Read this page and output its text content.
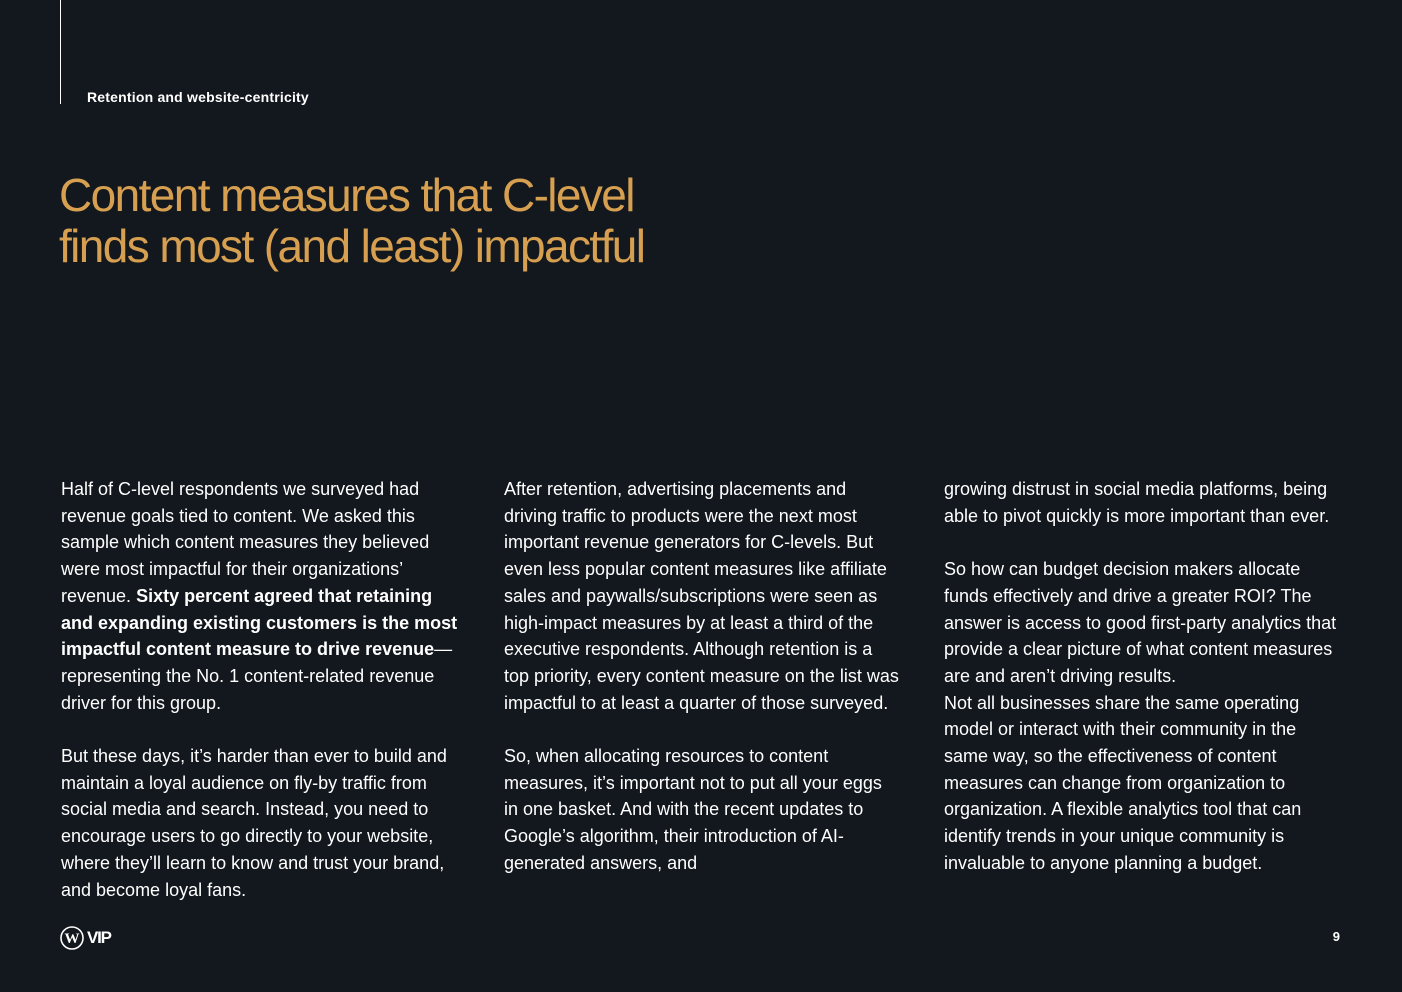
Retention and website-centricity
Content measures that C-level
finds most (and least) impactful

Half of C-level respondents we surveyed had revenue goals tied to content. We asked this sample which content measures they believed were most impactful for their organizations’ revenue. Sixty percent agreed that retaining and expanding existing customers is the most impactful content measure to drive revenue—representing the No. 1 content-related revenue driver for this group.

But these days, it’s harder than ever to build and maintain a loyal audience on fly-by traffic from social media and search. Instead, you need to encourage users to go directly to your website, where they’ll learn to know and trust your brand, and become loyal fans.

After retention, advertising placements and driving traffic to products were the next most important revenue generators for C-levels. But even less popular content measures like affiliate sales and paywalls/subscriptions were seen as high-impact measures by at least a third of the executive respondents. Although retention is a top priority, every content measure on the list was impactful to at least a quarter of those surveyed.

So, when allocating resources to content measures, it’s important not to put all your eggs in one basket. And with the recent updates to Google’s algorithm, their introduction of AI-generated answers, and

growing distrust in social media platforms, being able to pivot quickly is more important than ever.

So how can budget decision makers allocate funds effectively and drive a greater ROI? The answer is access to good first-party analytics that provide a clear picture of what content measures are and aren’t driving results.

Not all businesses share the same operating model or interact with their community in the same way, so the effectiveness of content measures can change from organization to organization. A flexible analytics tool that can identify trends in your unique community is invaluable to anyone planning a budget.

W VIP	9
